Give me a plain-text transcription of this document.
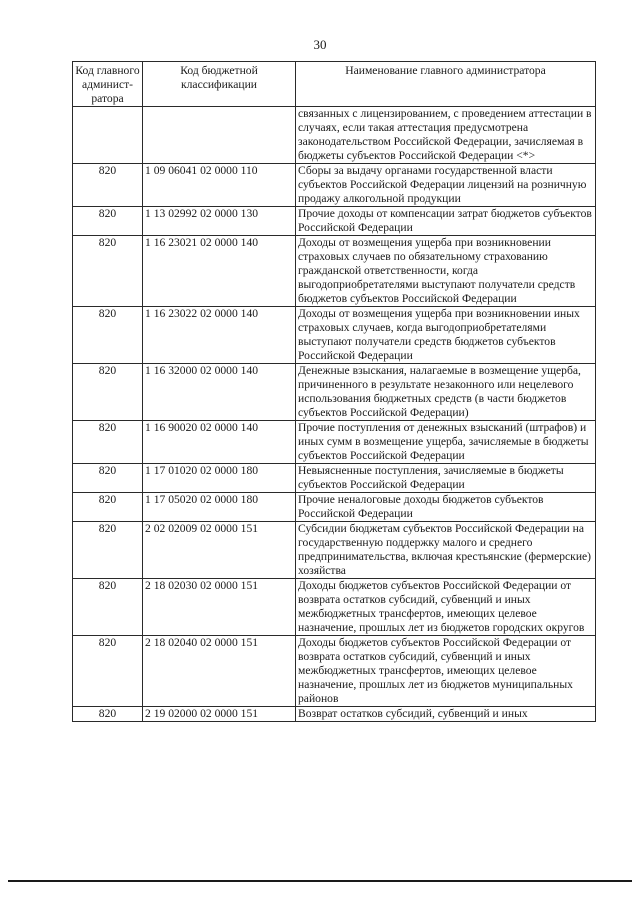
30
Код главного админист-ратора	Код бюджетной классификации	Наименование главного администратора
		связанных с лицензированием, с проведением аттестации в случаях, если такая аттестация предусмотрена законодательством Российской Федерации, зачисляемая в бюджеты субъектов Российской Федерации <*>
820	1 09 06041 02 0000 110	Сборы за выдачу органами государственной власти субъектов Российской Федерации лицензий на розничную продажу алкогольной продукции
820	1 13 02992 02 0000 130	Прочие доходы от компенсации затрат бюджетов субъектов Российской Федерации
820	1 16 23021 02 0000 140	Доходы от возмещения ущерба при возникновении страховых случаев по обязательному страхованию гражданской ответственности, когда выгодоприобретателями выступают получатели средств бюджетов субъектов Российской Федерации
820	1 16 23022 02 0000 140	Доходы от возмещения ущерба при возникновении иных страховых случаев, когда выгодоприобретателями выступают получатели средств бюджетов субъектов Российской Федерации
820	1 16 32000 02 0000 140	Денежные взыскания, налагаемые в возмещение ущерба, причиненного в результате незаконного или нецелевого использования бюджетных средств (в части бюджетов субъектов Российской Федерации)
820	1 16 90020 02 0000 140	Прочие поступления от денежных взысканий (штрафов) и иных сумм в возмещение ущерба, зачисляемые в бюджеты субъектов Российской Федерации
820	1 17 01020 02 0000 180	Невыясненные поступления, зачисляемые в бюджеты субъектов Российской Федерации
820	1 17 05020 02 0000 180	Прочие неналоговые доходы бюджетов субъектов Российской Федерации
820	2 02 02009 02 0000 151	Субсидии бюджетам субъектов Российской Федерации на государственную поддержку малого и среднего предпринимательства, включая крестьянские (фермерские) хозяйства
820	2 18 02030 02 0000 151	Доходы бюджетов субъектов Российской Федерации от возврата остатков субсидий, субвенций и иных межбюджетных трансфертов, имеющих целевое назначение, прошлых лет из бюджетов городских округов
820	2 18 02040 02 0000 151	Доходы бюджетов субъектов Российской Федерации от возврата остатков субсидий, субвенций и иных межбюджетных трансфертов, имеющих целевое назначение, прошлых лет из бюджетов муниципальных районов
820	2 19 02000 02 0000 151	Возврат остатков субсидий, субвенций и иных
